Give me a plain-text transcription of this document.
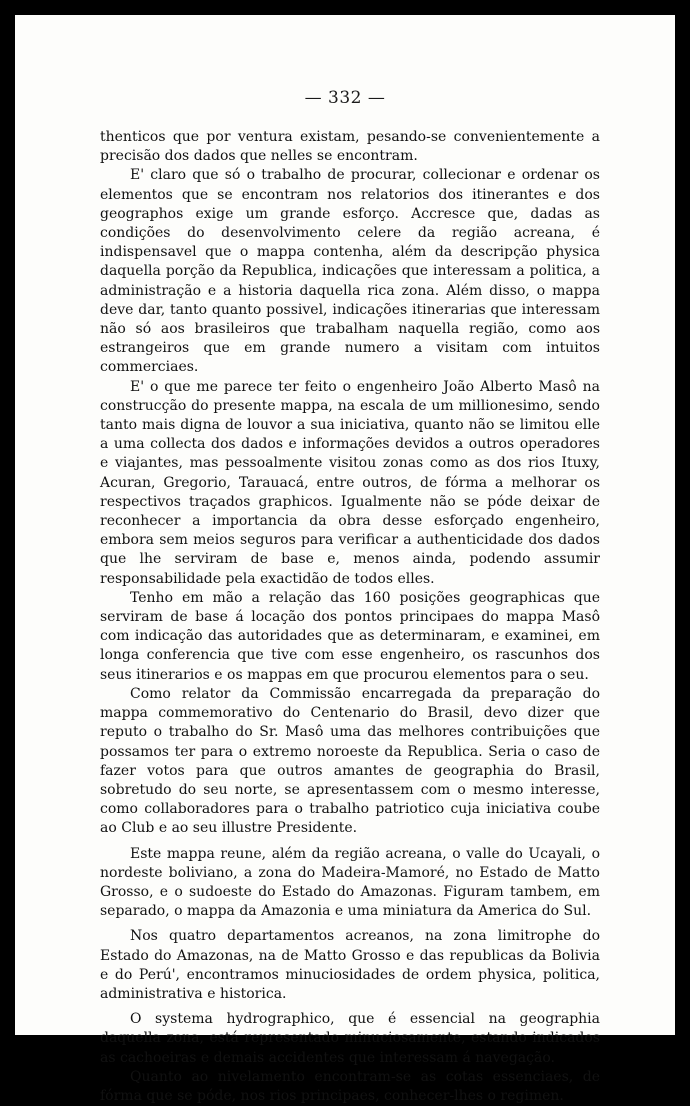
— 332 —

thenticos que por ventura existam, pesando-se convenientemente a precisão dos dados que nelles se encontram.

E' claro que só o trabalho de procurar, collecionar e ordenar os elementos que se encontram nos relatorios dos itinerantes e dos geographos exige um grande esforço. Accresce que, dadas as condições do desenvolvimento celere da região acreana, é indispensavel que o mappa contenha, além da descripção physica daquella porção da Republica, indicações que interessam a politica, a administração e a historia daquella rica zona. Além disso, o mappa deve dar, tanto quanto possivel, indicações itinerarias que interessam não só aos brasileiros que trabalham naquella região, como aos estrangeiros que em grande numero a visitam com intuitos commerciaes.

E' o que me parece ter feito o engenheiro João Alberto Masô na construcção do presente mappa, na escala de um millionesimo, sendo tanto mais digna de louvor a sua iniciativa, quanto não se limitou elle a uma collecta dos dados e informações devidos a outros operadores e viajantes, mas pessoalmente visitou zonas como as dos rios Ituxy, Acuran, Gregorio, Tarauacá, entre outros, de fórma a melhorar os respectivos traçados graphicos. Igualmente não se póde deixar de reconhecer a importancia da obra desse esforçado engenheiro, embora sem meios seguros para verificar a authenticidade dos dados que lhe serviram de base e, menos ainda, podendo assumir responsabilidade pela exactidão de todos elles.

Tenho em mão a relação das 160 posições geographicas que serviram de base á locação dos pontos principaes do mappa Masô com indicação das autoridades que as determinaram, e examinei, em longa conferencia que tive com esse engenheiro, os rascunhos dos seus itinerarios e os mappas em que procurou elementos para o seu.

Como relator da Commissão encarregada da preparação do mappa commemorativo do Centenario do Brasil, devo dizer que reputo o trabalho do Sr. Masô uma das melhores contribuições que possamos ter para o extremo noroeste da Republica. Seria o caso de fazer votos para que outros amantes de geographia do Brasil, sobretudo do seu norte, se apresentassem com o mesmo interesse, como collaboradores para o trabalho patriotico cuja iniciativa coube ao Club e ao seu illustre Presidente.

Este mappa reune, além da região acreana, o valle do Ucayali, o nordeste boliviano, a zona do Madeira-Mamoré, no Estado de Matto Grosso, e o sudoeste do Estado do Amazonas. Figuram tambem, em separado, o mappa da Amazonia e uma miniatura da America do Sul.

Nos quatro departamentos acreanos, na zona limitrophe do Estado do Amazonas, na de Matto Grosso e das republicas da Bolivia e do Perú', encontramos minuciosidades de ordem physica, politica, administrativa e historica.

O systema hydrographico, que é essencial na geographia daquella zona, está representado minuciosamente, estando indicados as cachoeiras e demais accidentes que interessam á navegação.

Quanto ao nivelamento encontram-se as cotas essenciaes, de fórma que se póde, nos rios principaes, conhecer-lhes o regimen.
